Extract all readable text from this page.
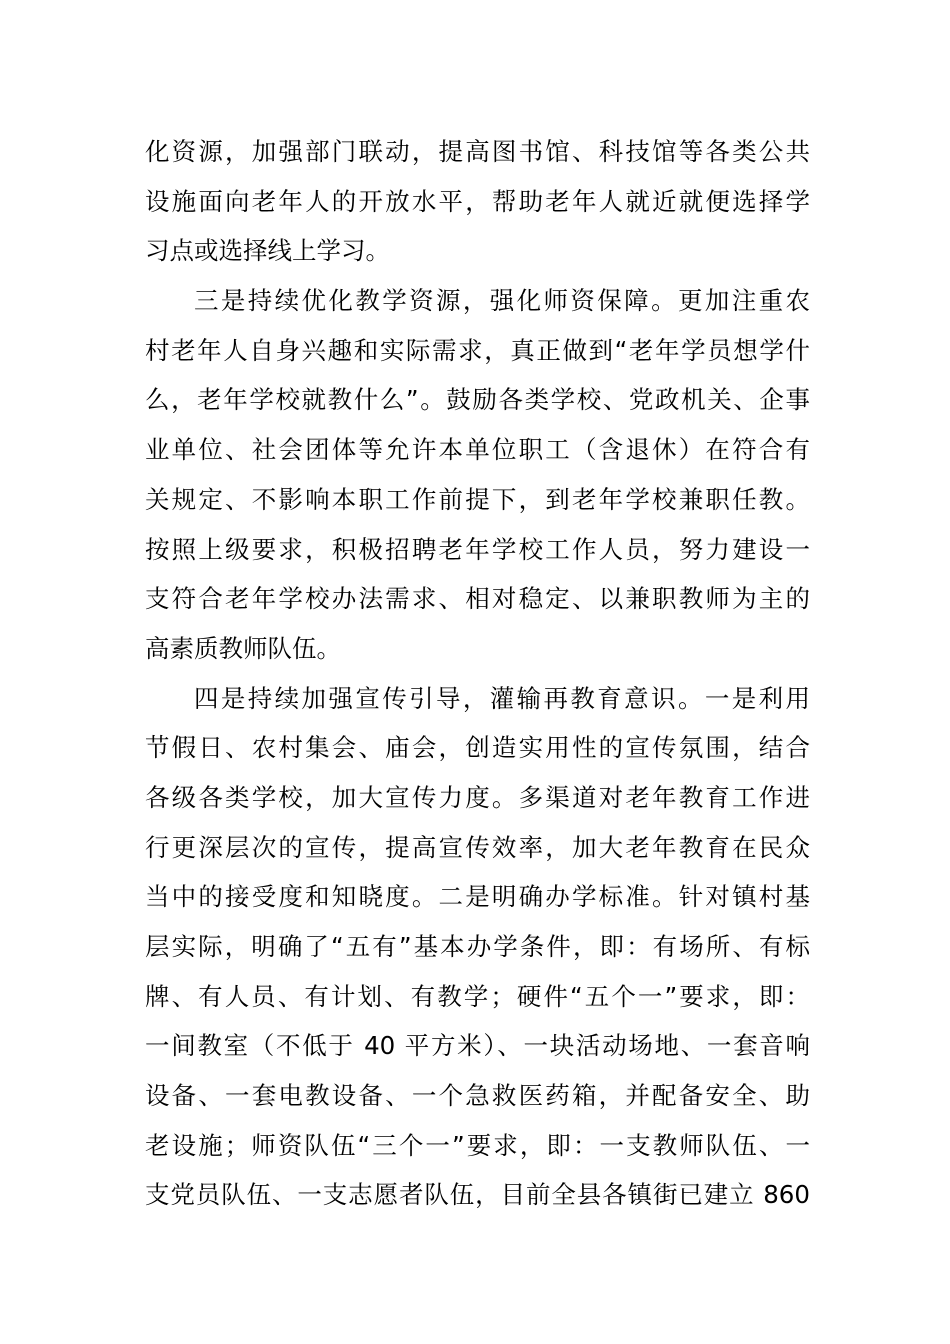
化资源，加强部门联动，提高图书馆、科技馆等各类公共
设施面向老年人的开放水平，帮助老年人就近就便选择学
习点或选择线上学习。
三是持续优化教学资源，强化师资保障。更加注重农
村老年人自身兴趣和实际需求，真正做到“老年学员想学什
么，老年学校就教什么”。鼓励各类学校、党政机关、企事
业单位、社会团体等允许本单位职工（含退休）在符合有
关规定、不影响本职工作前提下，到老年学校兼职任教。
按照上级要求，积极招聘老年学校工作人员，努力建设一
支符合老年学校办法需求、相对稳定、以兼职教师为主的
高素质教师队伍。
四是持续加强宣传引导，灌输再教育意识。一是利用
节假日、农村集会、庙会，创造实用性的宣传氛围，结合
各级各类学校，加大宣传力度。多渠道对老年教育工作进
行更深层次的宣传，提高宣传效率，加大老年教育在民众
当中的接受度和知晓度。二是明确办学标准。针对镇村基
层实际，明确了“五有”基本办学条件，即：有场所、有标
牌、有人员、有计划、有教学；硬件“五个一”要求，即：
一间教室（不低于 40 平方米）、一块活动场地、一套音响
设备、一套电教设备、一个急救医药箱，并配备安全、助
老设施；师资队伍“三个一”要求，即：一支教师队伍、一
支党员队伍、一支志愿者队伍，目前全县各镇街已建立 860
